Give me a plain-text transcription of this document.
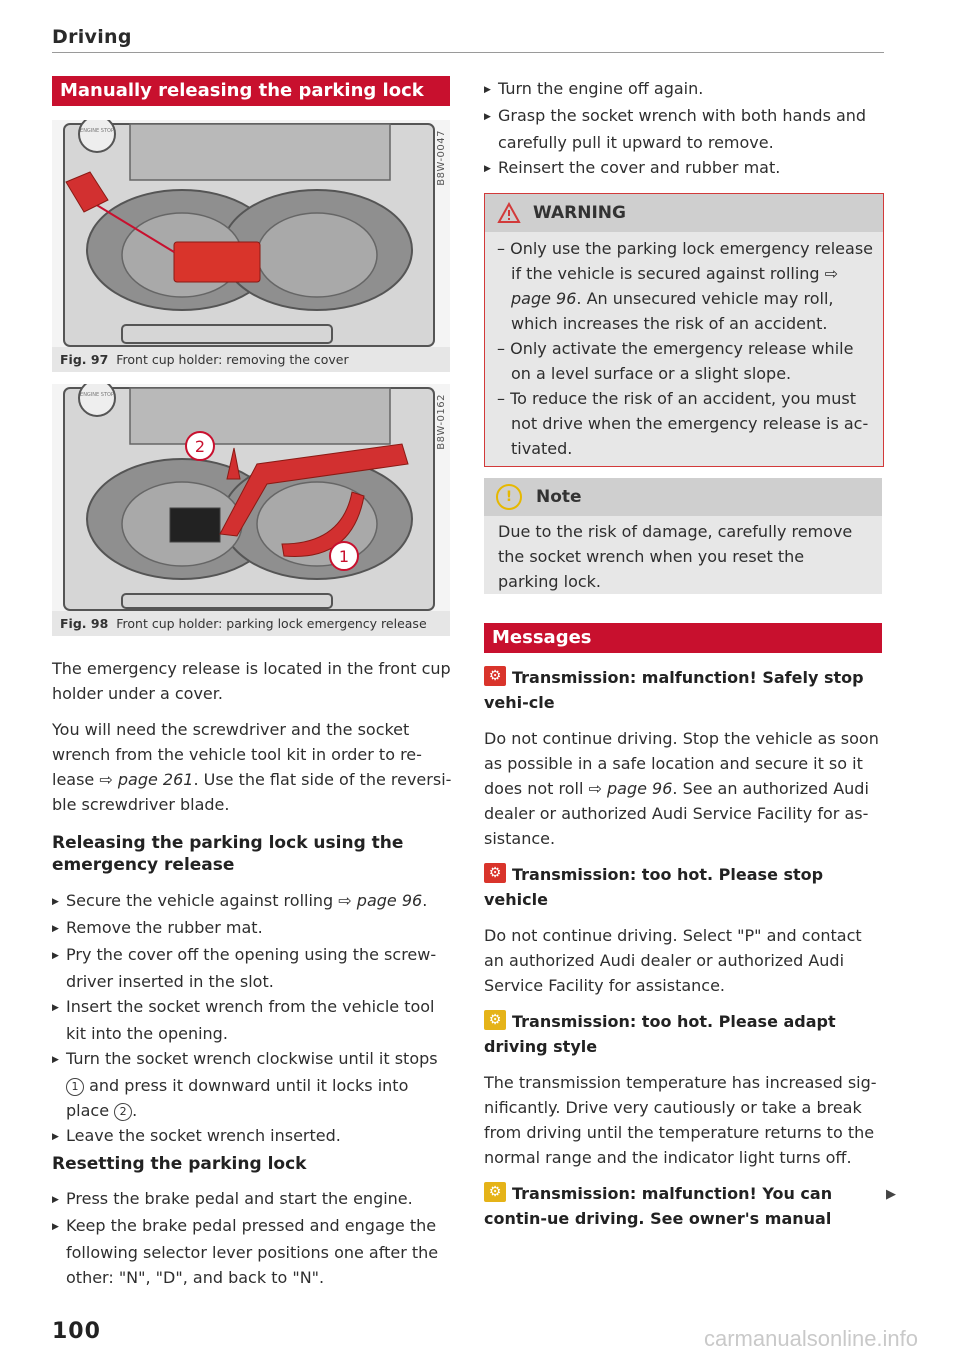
Driving
Manually releasing the parking lock
ENGINE STOP	B8W-0047
Fig. 97 Front cup holder: removing the cover
ENGINE STOP
2
1
B8W-0162
Fig. 98 Front cup holder: parking lock emergency release
The emergency release is located in the front cup holder under a cover.
You will need the screwdriver and the socket wrench from the vehicle tool kit in order to re-lease ⇨ page 261. Use the flat side of the reversi-ble screwdriver blade.
Releasing the parking lock using the emergency release
▶ Secure the vehicle against rolling ⇨ page 96.
▶ Remove the rubber mat.
▶ Pry the cover off the opening using the screw-driver inserted in the slot.
▶ Insert the socket wrench from the vehicle tool kit into the opening.
▶ Turn the socket wrench clockwise until it stops 1 and press it downward until it locks into place 2 .
▶ Leave the socket wrench inserted.
Resetting the parking lock
▶ Press the brake pedal and start the engine.
▶ Keep the brake pedal pressed and engage the following selector lever positions one after the other: "N", "D", and back to "N".
▶ Turn the engine off again.
▶ Grasp the socket wrench with both hands and carefully pull it upward to remove.
▶ Reinsert the cover and rubber mat.
WARNING
– Only use the parking lock emergency release if the vehicle is secured against rolling ⇨ page 96. An unsecured vehicle may roll, which increases the risk of an accident.
– Only activate the emergency release while on a level surface or a slight slope.
– To reduce the risk of an accident, you must not drive when the emergency release is ac-tivated.
!	Note
Due to the risk of damage, carefully remove the socket wrench when you reset the parking lock.
Messages
⚙Transmission: malfunction! Safely stop vehi-cle
Do not continue driving. Stop the vehicle as soon as possible in a safe location and secure it so it does not roll ⇨ page 96. See an authorized Audi dealer or authorized Audi Service Facility for as-sistance.
⚙Transmission: too hot. Please stop vehicle
Do not continue driving. Select "P" and contact an authorized Audi dealer or authorized Audi Service Facility for assistance.
⚙Transmission: too hot. Please adapt driving style
The transmission temperature has increased sig-nificantly. Drive very cautiously or take a break from driving until the temperature returns to the normal range and the indicator light turns off.
⚙Transmission: malfunction! You can contin-ue driving. See owner's manual
▶
100	carmanualsonline.info
